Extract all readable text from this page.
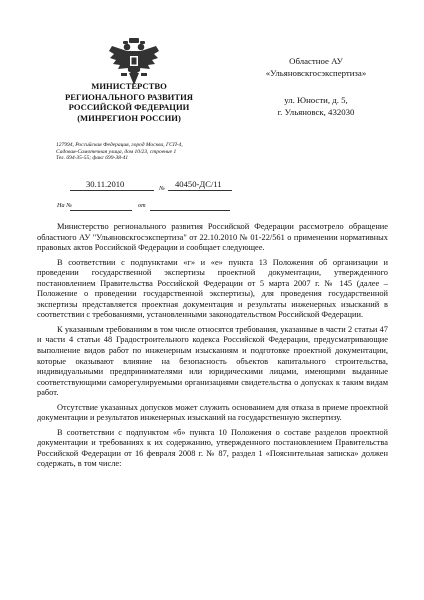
МИНИСТЕРСТВО
РЕГИОНАЛЬНОГО РАЗВИТИЯ
РОССИЙСКОЙ ФЕДЕРАЦИИ
(МИНРЕГИОН РОССИИ)
127994, Российская Федерация, город Москва, ГСП-4,
Садовая-Самотечная улица, дом 10/23, строение 1
Тел. 694-35-55; факс 699-38-41
Областное АУ
«Ульяновскгосэкспертиза»
ул. Юности, д. 5,
г. Ульяновск, 432030
30.11.2010	№ 40450-ДС/11
На №	от

Министерство регионального развития Российской Федерации рассмотрело обращение областного АУ "Ульяновскгосэкспертиза" от 22.10.2010 № 01-22/561 о применении нормативных правовых актов Российской Федерации и сообщает следующее.

В соответствии с подпунктами «г» и «е» пункта 13 Положения об организации и проведении государственной экспертизы проектной документации, утвержденного постановлением Правительства Российской Федерации от 5 марта 2007 г. № 145 (далее – Положение о проведении государственной экспертизы), для проведения государственной экспертизы представляется проектная документация и результаты инженерных изысканий в соответствии с требованиями, установленными законодательством Российской Федерации.

К указанным требованиям в том числе относятся требования, указанные в части 2 статьи 47 и части 4 статьи 48 Градостроительного кодекса Российской Федерации, предусматривающие выполнение видов работ по инженерным изысканиям и подготовке проектной документации, которые оказывают влияние на безопасность объектов капитального строительства, индивидуальными предпринимателями или юридическими лицами, имеющими выданные соответствующими саморегулируемыми организациями свидетельства о допусках к таким видам работ.

Отсутствие указанных допусков может служить основанием для отказа в приеме проектной документации и результатов инженерных изысканий на государственную экспертизу.

В соответствии с подпунктом «б» пункта 10 Положения о составе разделов проектной документации и требованиях к их содержанию, утвержденного постановлением Правительства Российской Федерации от 16 февраля 2008 г. № 87, раздел 1 «Пояснительная записка» должен содержать, в том числе:
